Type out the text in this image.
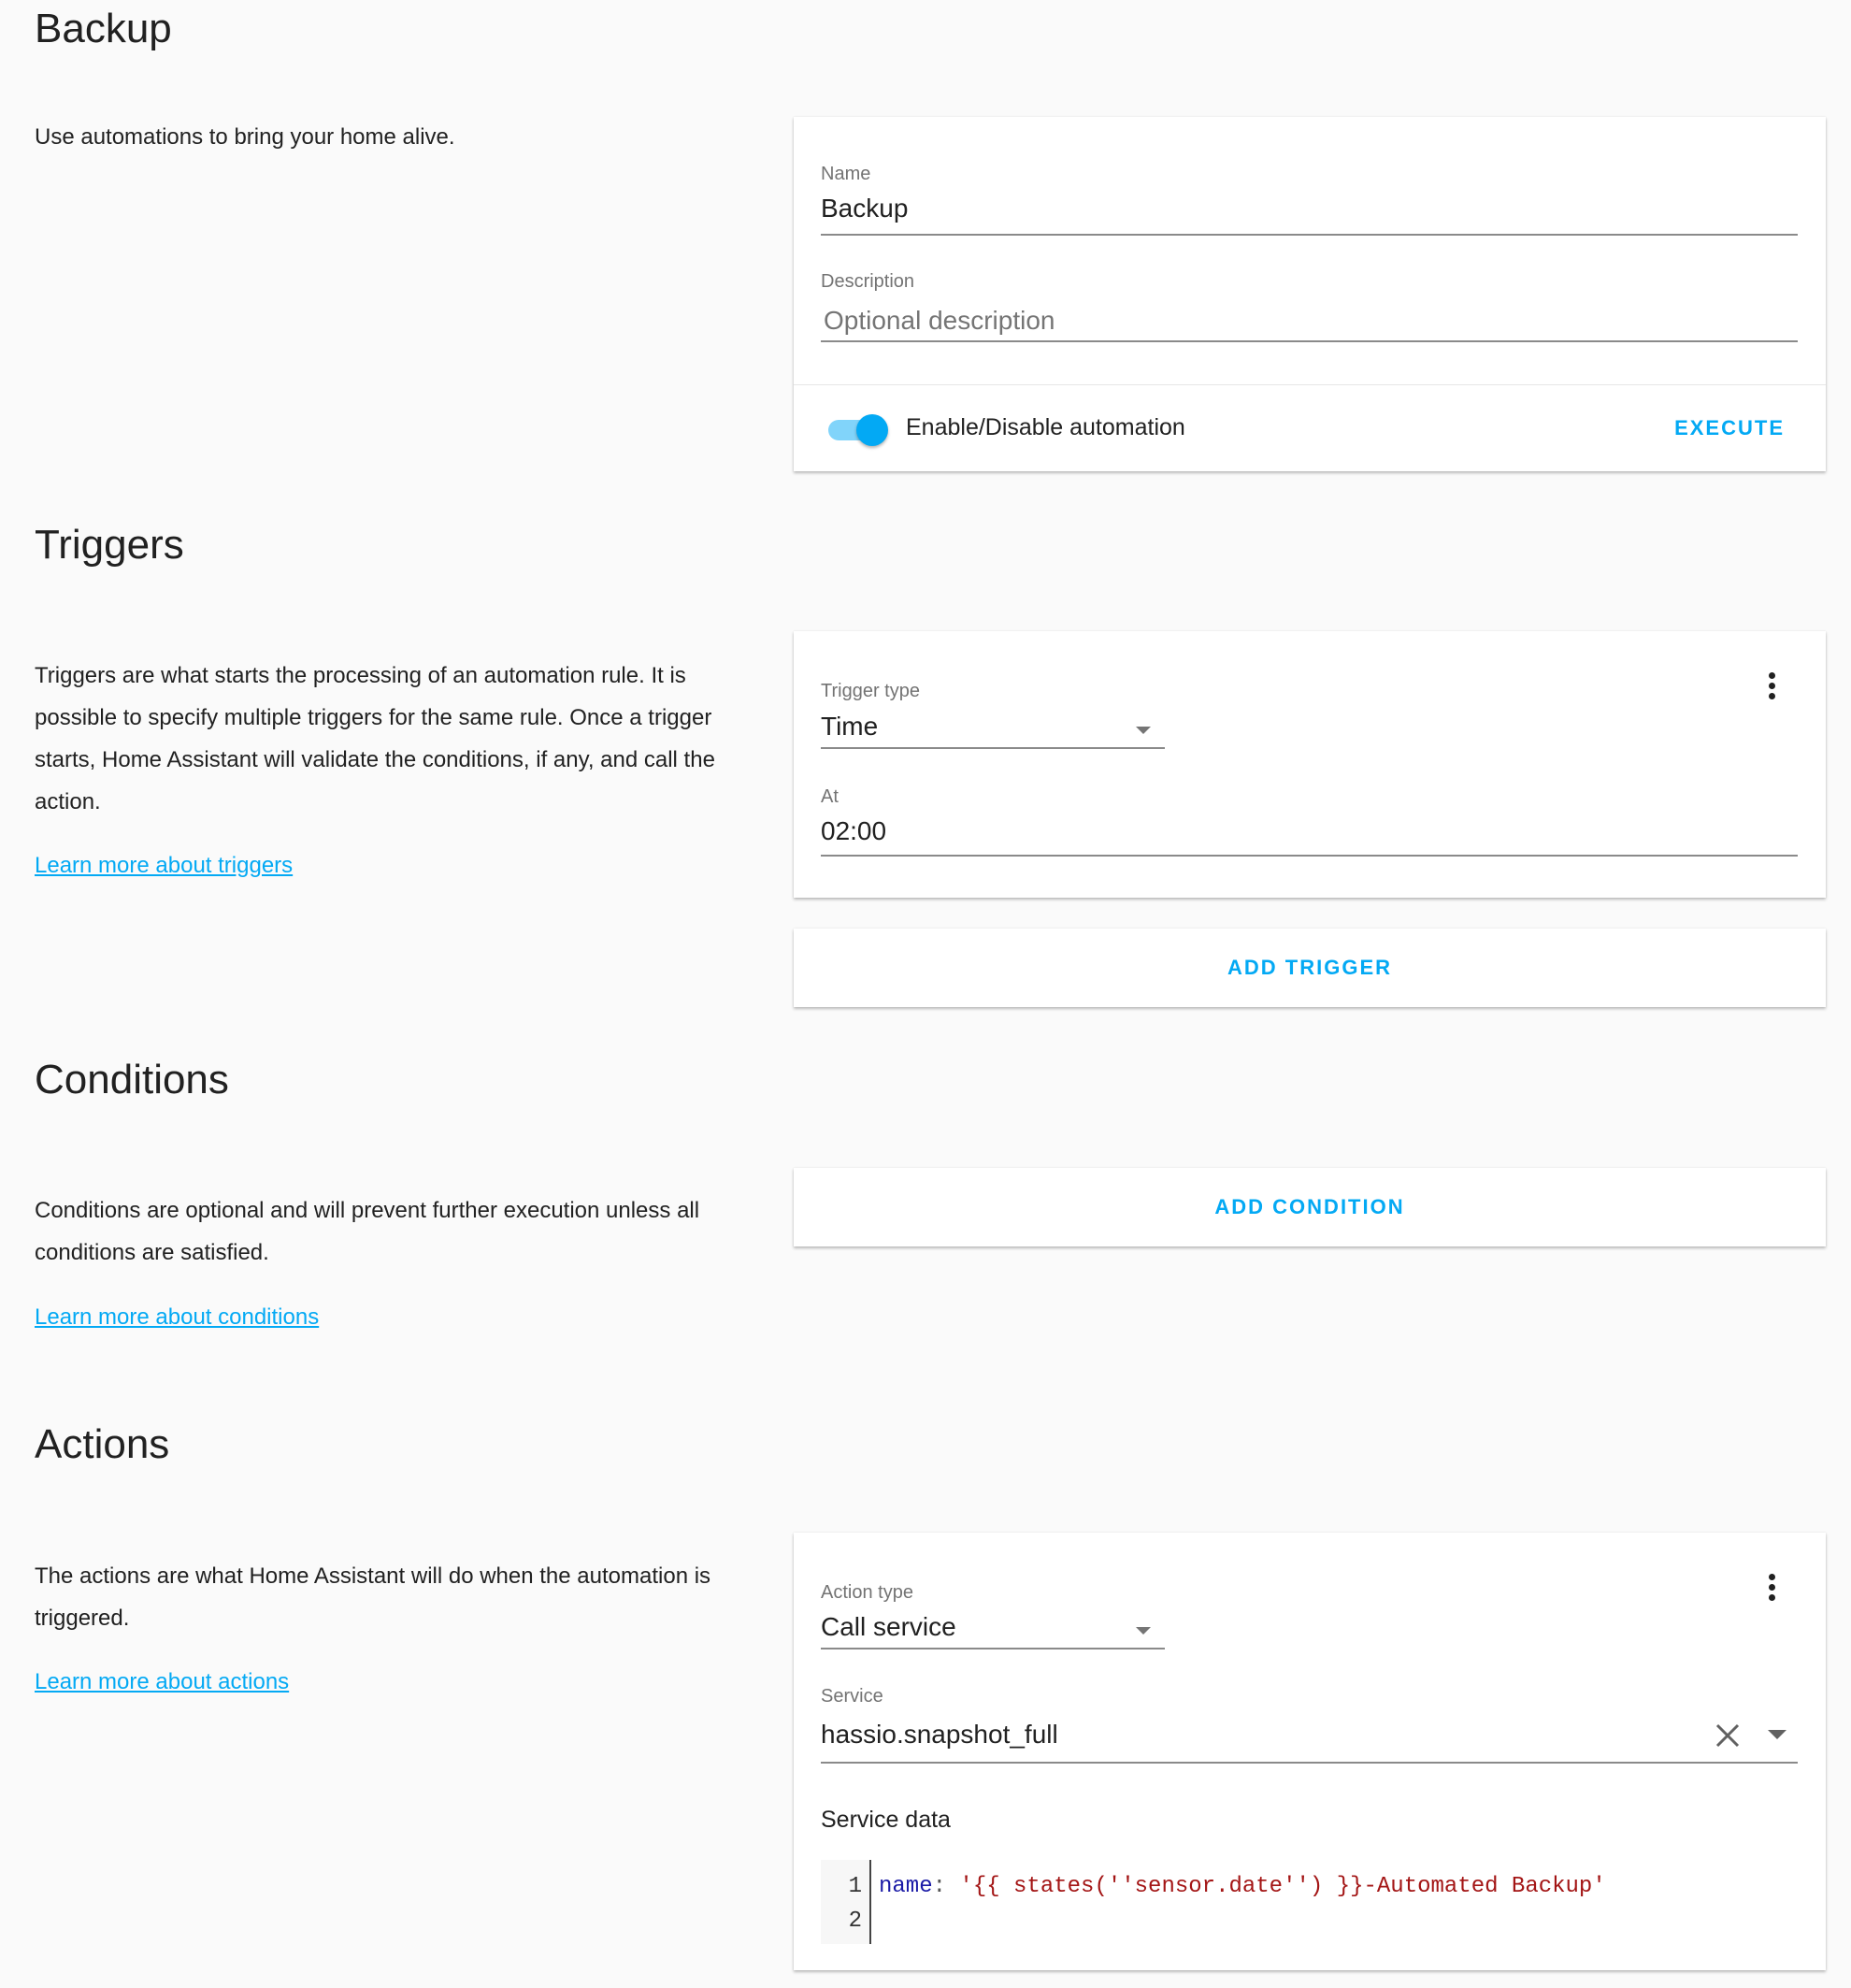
Backup
Use automations to bring your home alive.
Name
Backup
Description
Optional description
Enable/Disable automation	EXECUTE
Triggers
Triggers are what starts the processing of an automation rule. It is possible to specify multiple triggers for the same rule. Once a trigger starts, Home Assistant will validate the conditions, if any, and call the action.
Learn more about triggers
Trigger type
Time
At
02:00
ADD TRIGGER
Conditions
Conditions are optional and will prevent further execution unless all conditions are satisfied.
Learn more about conditions
ADD CONDITION
Actions
The actions are what Home Assistant will do when the automation is triggered.
Learn more about actions
Action type
Call service
Service
hassio.snapshot_full
Service data
1
2
name: '{{ states(''sensor.date'') }}-Automated Backup'
